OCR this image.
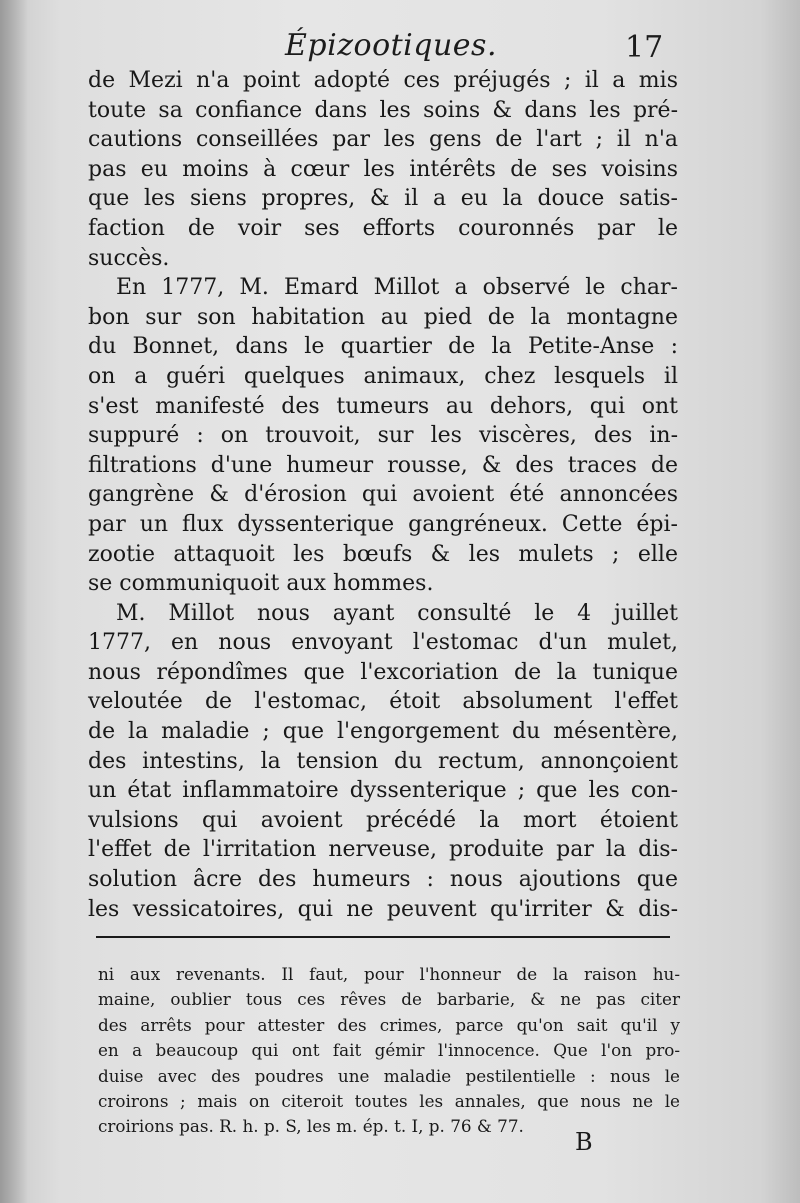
Épizootiques.	17
de Mezi n'a point adopté ces préjugés ; il a mis
toute sa confiance dans les soins & dans les pré-
cautions conseillées par les gens de l'art ; il n'a
pas eu moins à cœur les intérêts de ses voisins
que les siens propres, & il a eu la douce satis-
faction de voir ses efforts couronnés par le
succès.
En 1777, M. Emard Millot a observé le char-
bon sur son habitation au pied de la montagne
du Bonnet, dans le quartier de la Petite-Anse :
on a guéri quelques animaux, chez lesquels il
s'est manifesté des tumeurs au dehors, qui ont
suppuré : on trouvoit, sur les viscères, des in-
filtrations d'une humeur rousse, & des traces de
gangrène & d'érosion qui avoient été annoncées
par un flux dyssenterique gangréneux. Cette épi-
zootie attaquoit les bœufs & les mulets ; elle
se communiquoit aux hommes.
M. Millot nous ayant consulté le 4 juillet
1777, en nous envoyant l'estomac d'un mulet,
nous répondîmes que l'excoriation de la tunique
veloutée de l'estomac, étoit absolument l'effet
de la maladie ; que l'engorgement du mésentère,
des intestins, la tension du rectum, annonçoient
un état inflammatoire dyssenterique ; que les con-
vulsions qui avoient précédé la mort étoient
l'effet de l'irritation nerveuse, produite par la dis-
solution âcre des humeurs : nous ajoutions que
les vessicatoires, qui ne peuvent qu'irriter & dis-
ni aux revenants. Il faut, pour l'honneur de la raison hu-
maine, oublier tous ces rêves de barbarie, & ne pas citer
des arrêts pour attester des crimes, parce qu'on sait qu'il y
en a beaucoup qui ont fait gémir l'innocence. Que l'on pro-
duise avec des poudres une maladie pestilentielle : nous le
croirons ; mais on citeroit toutes les annales, que nous ne le
croirions pas. R. h. p. S, les m. ép. t. I, p. 76 & 77.
B
